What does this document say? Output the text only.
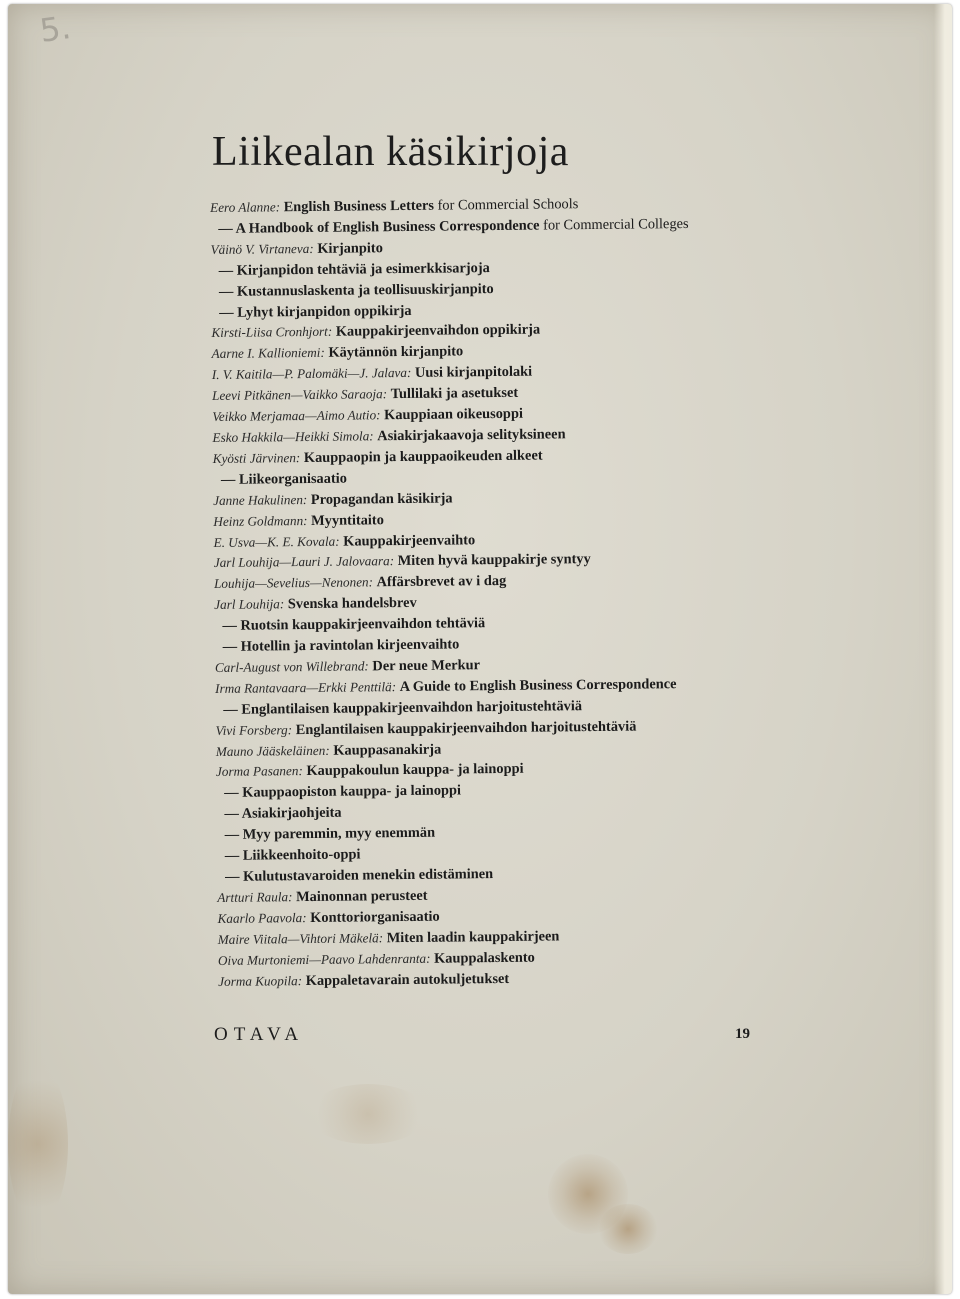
5.
Liikealan käsikirjoja
Eero Alanne: English Business Letters for Commercial Schools
— A Handbook of English Business Correspondence for Commercial Colleges
Väinö V. Virtaneva: Kirjanpito
— Kirjanpidon tehtäviä ja esimerkkisarjoja
— Kustannuslaskenta ja teollisuuskirjanpito
— Lyhyt kirjanpidon oppikirja
Kirsti-Liisa Cronhjort: Kauppakirjeenvaihdon oppikirja
Aarne I. Kallioniemi: Käytännön kirjanpito
I. V. Kaitila—P. Palomäki—J. Jalava: Uusi kirjanpitolaki
Leevi Pitkänen—Vaikko Saraoja: Tullilaki ja asetukset
Veikko Merjamaa—Aimo Autio: Kauppiaan oikeusoppi
Esko Hakkila—Heikki Simola: Asiakirjakaavoja selityksineen
Kyösti Järvinen: Kauppaopin ja kauppaoikeuden alkeet
— Liikeorganisaatio
Janne Hakulinen: Propagandan käsikirja
Heinz Goldmann: Myyntitaito
E. Usva—K. E. Kovala: Kauppakirjeenvaihto
Jarl Louhija—Lauri J. Jalovaara: Miten hyvä kauppakirje syntyy
Louhija—Sevelius—Nenonen: Affärsbrevet av i dag
Jarl Louhija: Svenska handelsbrev
— Ruotsin kauppakirjeenvaihdon tehtäviä
— Hotellin ja ravintolan kirjeenvaihto
Carl-August von Willebrand: Der neue Merkur
Irma Rantavaara—Erkki Penttilä: A Guide to English Business Correspondence
— Englantilaisen kauppakirjeenvaihdon harjoitustehtäviä
Vivi Forsberg: Englantilaisen kauppakirjeenvaihdon harjoitustehtäviä
Mauno Jääskeläinen: Kauppasanakirja
Jorma Pasanen: Kauppakoulun kauppa- ja lainoppi
— Kauppaopiston kauppa- ja lainoppi
— Asiakirjaohjeita
— Myy paremmin, myy enemmän
— Liikkeenhoito-oppi
— Kulutustavaroiden menekin edistäminen
Artturi Raula: Mainonnan perusteet
Kaarlo Paavola: Konttoriorganisaatio
Maire Viitala—Vihtori Mäkelä: Miten laadin kauppakirjeen
Oiva Murtoniemi—Paavo Lahdenranta: Kauppalaskento
Jorma Kuopila: Kappaletavarain autokuljetukset
OTAVA	19
